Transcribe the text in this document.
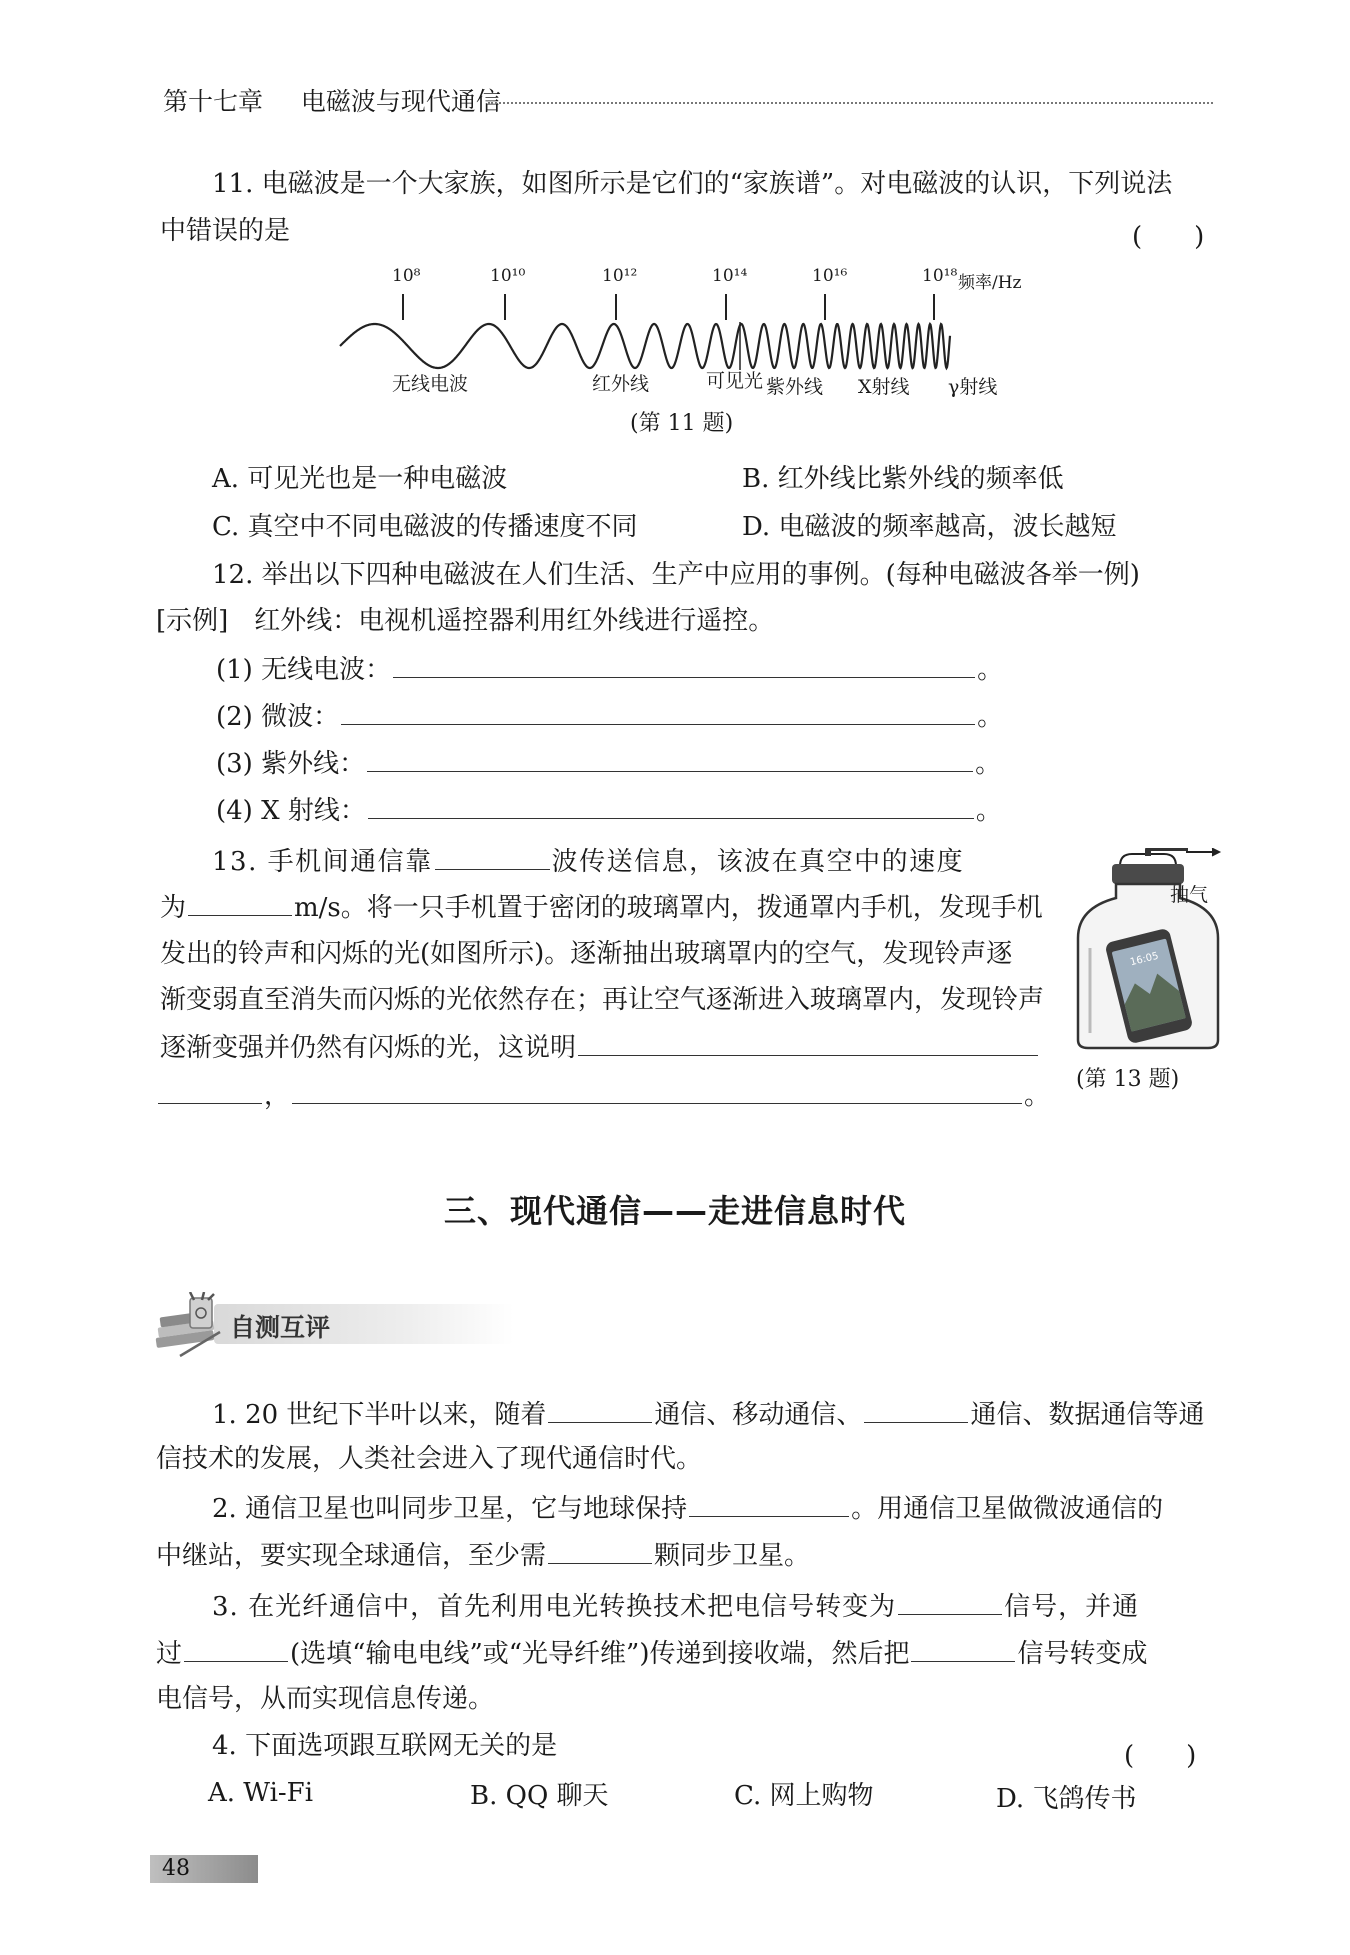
第十七章 电磁波与现代通信
11. 电磁波是一个大家族，如图所示是它们的“家族谱”。对电磁波的认识，下列说法
中错误的是	(　　)
10⁸	10¹⁰	10¹²	10¹⁴	10¹⁶	10¹⁸ 频率/Hz
无线电波	红外线	可见光 紫外线 X射线 γ射线
(第 11 题)
A. 可见光也是一种电磁波	B. 红外线比紫外线的频率低
C. 真空中不同电磁波的传播速度不同	D. 电磁波的频率越高，波长越短
12. 举出以下四种电磁波在人们生活、生产中应用的事例。(每种电磁波各举一例)
[示例]　红外线：电视机遥控器利用红外线进行遥控。
(1) 无线电波：	。
(2) 微波：	。
(3) 紫外线：	。
(4) X 射线：	。
13. 手机间通信靠	波传送信息，该波在真空中的速度
为	m/s。将一只手机置于密闭的玻璃罩内，拨通罩内手机，发现手机
发出的铃声和闪烁的光(如图所示)。逐渐抽出玻璃罩内的空气，发现铃声逐
渐变弱直至消失而闪烁的光依然存在；再让空气逐渐进入玻璃罩内，发现铃声
逐渐变强并仍然有闪烁的光，这说明
，	。
抽气
16:05
(第 13 题)
三、现代通信——走进信息时代
自测互评
1. 20 世纪下半叶以来，随着	通信、移动通信、	通信、数据通信等通
信技术的发展，人类社会进入了现代通信时代。
2. 通信卫星也叫同步卫星，它与地球保持	。用通信卫星做微波通信的
中继站，要实现全球通信，至少需	颗同步卫星。
3. 在光纤通信中，首先利用电光转换技术把电信号转变为	信号，并通
过	(选填“输电电线”或“光导纤维”)传递到接收端，然后把	信号转变成
电信号，从而实现信息传递。
4. 下面选项跟互联网无关的是	(　　)
A. Wi-Fi	B. QQ 聊天	C. 网上购物	D. 飞鸽传书
48
